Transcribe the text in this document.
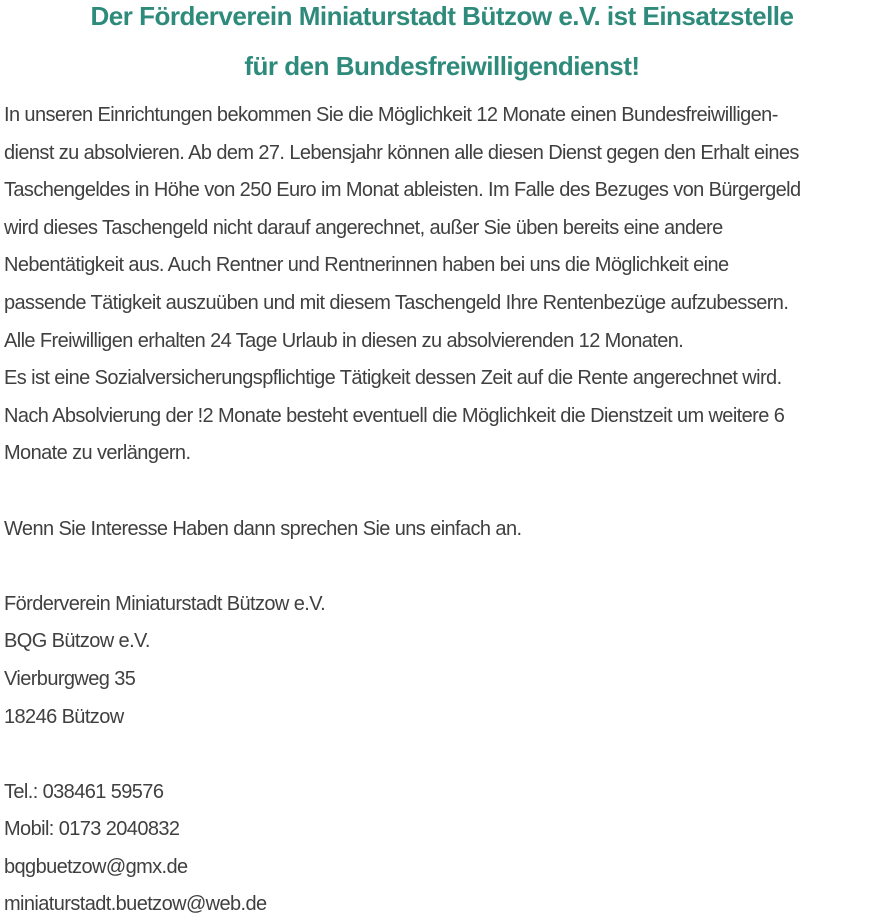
Der Förderverein Miniaturstadt Bützow e.V. ist Einsatzstelle
für den Bundesfreiwilligendienst!
In unseren Einrichtungen bekommen Sie die Möglichkeit 12 Monate einen Bundesfreiwilligen-
dienst zu absolvieren. Ab dem 27. Lebensjahr können alle diesen Dienst gegen den Erhalt eines
Taschengeldes in Höhe von 250 Euro im Monat ableisten. Im Falle des Bezuges von Bürgergeld
wird dieses Taschengeld nicht darauf angerechnet, außer Sie üben bereits eine andere
Nebentätigkeit aus. Auch Rentner und Rentnerinnen haben bei uns die Möglichkeit eine
passende Tätigkeit auszuüben und mit diesem Taschengeld Ihre Rentenbezüge aufzubessern.
Alle Freiwilligen erhalten 24 Tage Urlaub in diesen zu absolvierenden 12 Monaten.
Es ist eine Sozialversicherungspflichtige Tätigkeit dessen Zeit auf die Rente angerechnet wird.
Nach Absolvierung der !2 Monate besteht eventuell die Möglichkeit die Dienstzeit um weitere 6
Monate zu verlängern.
Wenn Sie Interesse Haben dann sprechen Sie uns einfach an.
Förderverein Miniaturstadt Bützow e.V.
BQG Bützow e.V.
Vierburgweg 35
18246 Bützow
Tel.: 038461 59576
Mobil: 0173 2040832
bqgbuetzow@gmx.de
miniaturstadt.buetzow@web.de
